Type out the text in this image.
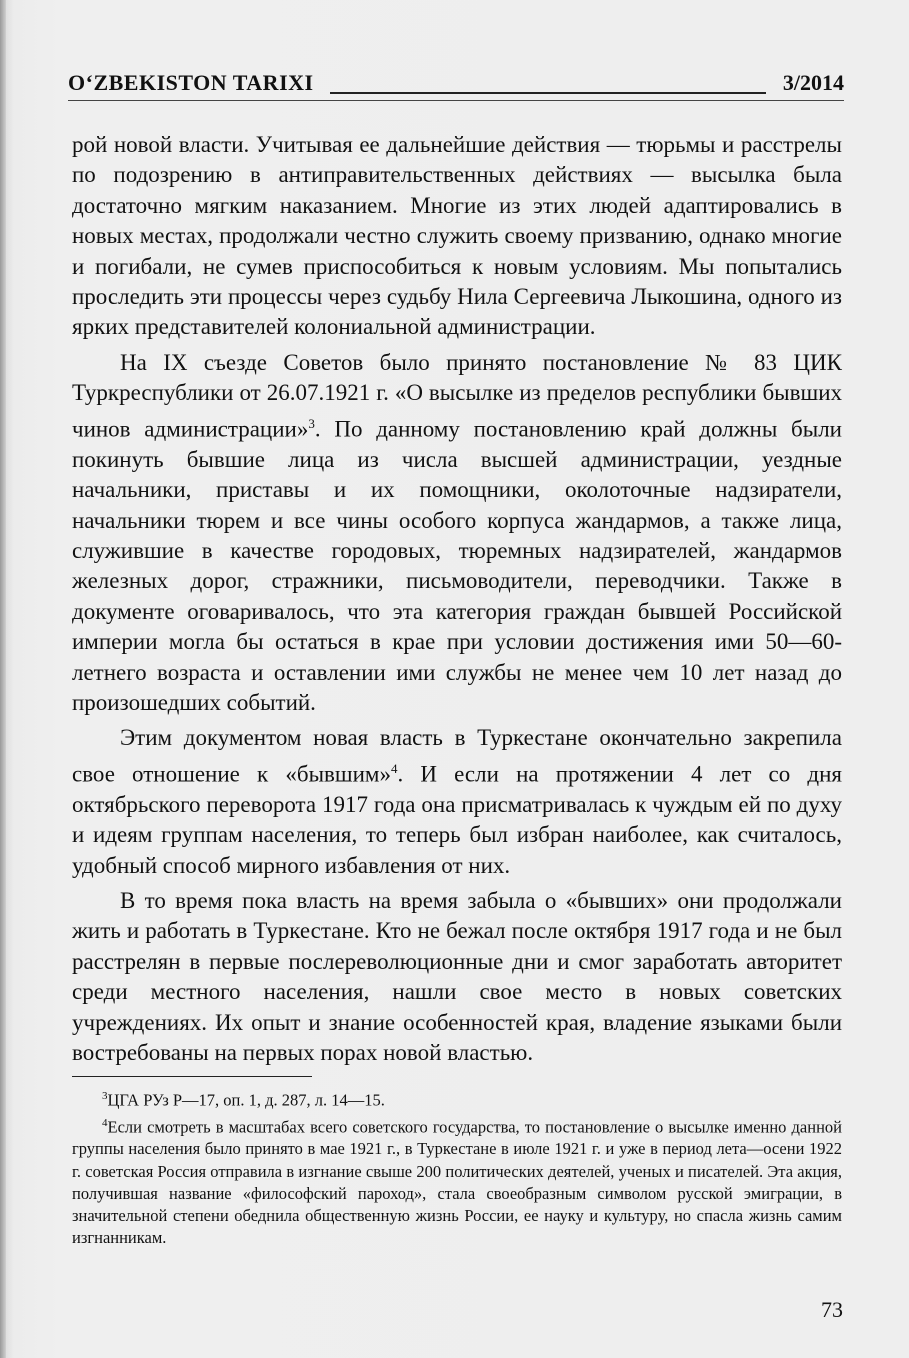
O‘ZBEKISTON TARIXI	3/2014

рой новой власти. Учитывая ее дальнейшие действия — тюрьмы и расстрелы по подозрению в антиправительственных действиях — высылка была достаточно мягким наказанием. Многие из этих людей адаптировались в новых местах, продолжали честно служить своему призванию, однако многие и погибали, не сумев приспособиться к новым условиям. Мы попытались проследить эти процессы через судьбу Нила Сергеевича Лыкошина, одного из ярких представителей колониальной администрации.

На IX съезде Советов было принято постановление № 83 ЦИК Туркреспублики от 26.07.1921 г. «О высылке из пределов республики бывших чинов администрации»$^3$. По данному постановлению край должны были покинуть бывшие лица из числа высшей администрации, уездные начальники, приставы и их помощники, околоточные надзиратели, начальники тюрем и все чины особого корпуса жандармов, а также лица, служившие в качестве городовых, тюремных надзирателей, жандармов железных дорог, стражники, письмоводители, переводчики. Также в документе оговаривалось, что эта категория граждан бывшей Российской империи могла бы остаться в крае при условии достижения ими 50—60-летнего возраста и оставлении ими службы не менее чем 10 лет назад до произошедших событий.

Этим документом новая власть в Туркестане окончательно закрепила свое отношение к «бывшим»$^4$. И если на протяжении 4 лет со дня октябрьского переворота 1917 года она присматривалась к чуждым ей по духу и идеям группам населения, то теперь был избран наиболее, как считалось, удобный способ мирного избавления от них.

В то время пока власть на время забыла о «бывших» они продолжали жить и работать в Туркестане. Кто не бежал после октября 1917 года и не был расстрелян в первые послереволюционные дни и смог заработать авторитет среди местного населения, нашли свое место в новых советских учреждениях. Их опыт и знание особенностей края, владение языками были востребованы на первых порах новой властью.

$^3$ЦГА РУз Р—17, оп. 1, д. 287, л. 14—15.

$^4$Если смотреть в масштабах всего советского государства, то постановление о высылке именно данной группы населения было принято в мае 1921 г., в Туркестане в июле 1921 г. и уже в период лета—осени 1922 г. советская Россия отправила в изгнание свыше 200 политических деятелей, ученых и писателей. Эта акция, получившая название «философский пароход», стала своеобразным символом русской эмиграции, в значительной степени обеднила общественную жизнь России, ее науку и культуру, но спасла жизнь самим изгнанникам.

73
